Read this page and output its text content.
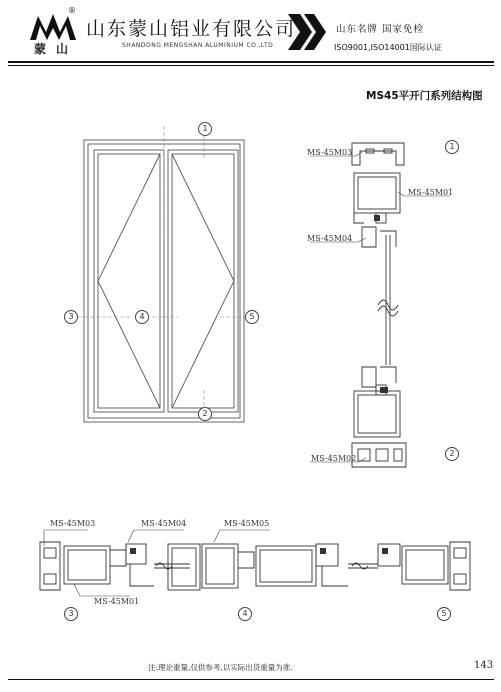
蒙 山
®
山东蒙山铝业有限公司
SHANDONG MENGSHAN ALUMINIUM CO.,LTD
山东名牌 国家免检
ISO9001,ISO14001国际认证
MS45平开门系列结构图
1
2
3	4	5
MS-45M03
MS-45M01
MS-45M04
MS-45M02
1
2
MS-45M03	MS-45M04	MS-45M05
MS-45M01
3	4	5
注:理论重量,仅供参考,以实际出货重量为准.	143
